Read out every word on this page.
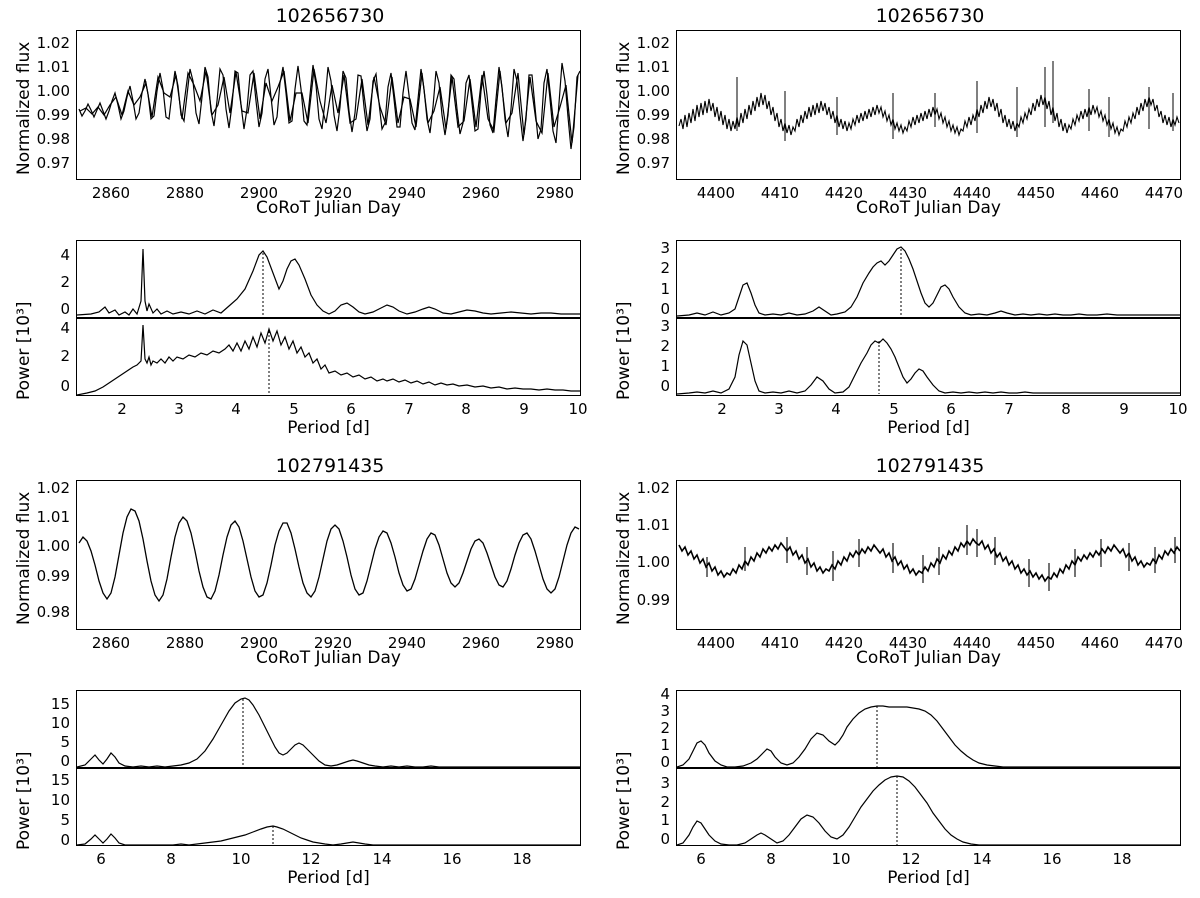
102656730
Normalized flux
2860 2880 2900 2920 2940 2960 2980
1.02
1.01
1.00
0.99
0.98
0.97
CoRoT Julian Day
102656730
Normalized flux
4400 4410 4420 4430 4440 4450 4460 4470
1.02
1.01
1.00
0.99
0.98
0.97
CoRoT Julian Day
Power [10³]
4
2
0
4
2
0
2	3	4	5	6	7	8	9	10
Period [d]
Power [10³]
3
2
1
0
3
2
1
0
2	3	4	5	6	7	8	9	10
Period [d]
102791435
Normalized flux
2860 2880 2900 2920 2940 2960 2980
1.02
1.01
1.00
0.99
0.98
CoRoT Julian Day
102791435
Normalized flux
4400 4410 4420 4430 4440 4450 4460 4470
1.02
1.01
1.00
0.99
CoRoT Julian Day
Power [10³]
15
10
5
0
15
10
5
0
6	8	10	12	14	16	18
Period [d]
Power [10³]
4
3
2
1
0
3
2
1
0
6	8	10	12	14	16	18
Period [d]
